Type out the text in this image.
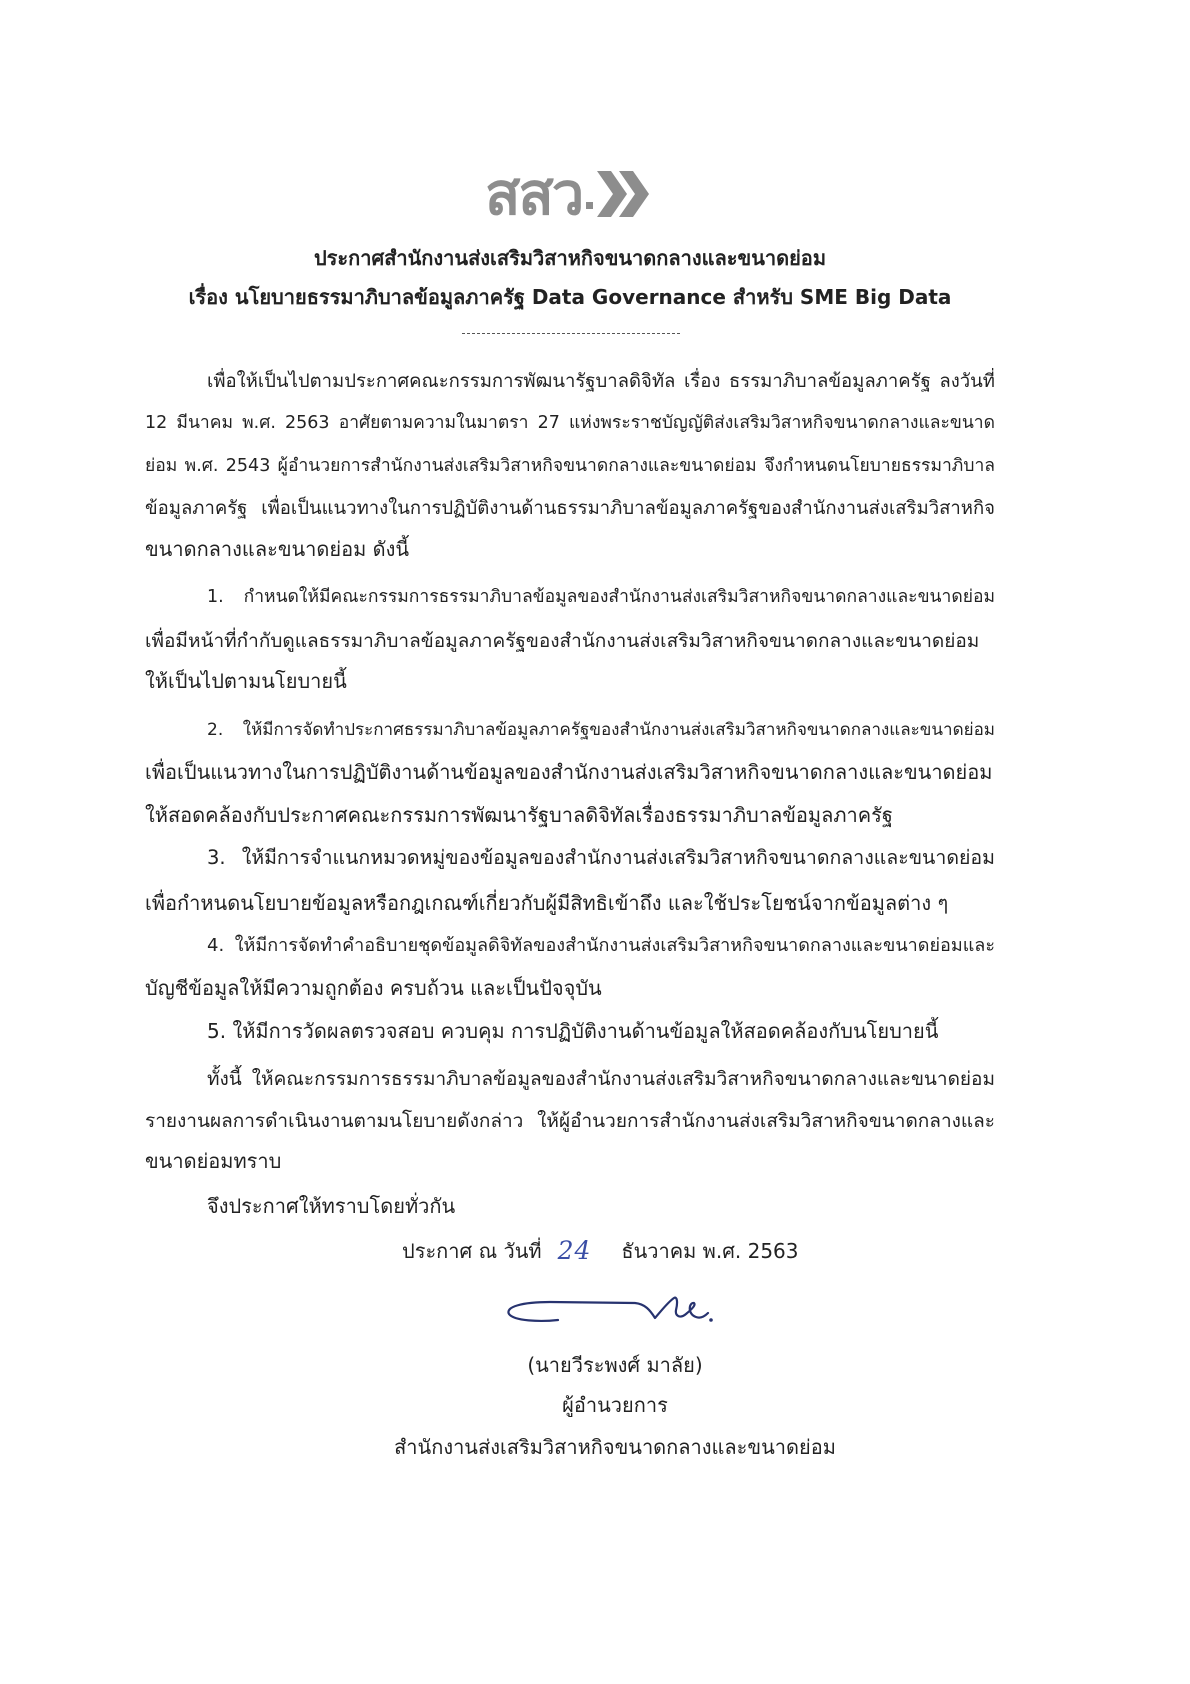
สสว
ประกาศสำนักงานส่งเสริมวิสาหกิจขนาดกลางและขนาดย่อม
เรื่อง นโยบายธรรมาภิบาลข้อมูลภาครัฐ Data Governance สำหรับ SME Big Data
เพื่อให้เป็นไปตามประกาศคณะกรรมการพัฒนารัฐบาลดิจิทัล เรื่อง ธรรมาภิบาลข้อมูลภาครัฐ ลงวันที่
12 มีนาคม พ.ศ. 2563 อาศัยตามความในมาตรา 27 แห่งพระราชบัญญัติส่งเสริมวิสาหกิจขนาดกลางและขนาด
ย่อม พ.ศ. 2543 ผู้อำนวยการสำนักงานส่งเสริมวิสาหกิจขนาดกลางและขนาดย่อม จึงกำหนดนโยบายธรรมาภิบาล
ข้อมูลภาครัฐ เพื่อเป็นแนวทางในการปฏิบัติงานด้านธรรมาภิบาลข้อมูลภาครัฐของสำนักงานส่งเสริมวิสาหกิจ
ขนาดกลางและขนาดย่อม ดังนี้
1. กำหนดให้มีคณะกรรมการธรรมาภิบาลข้อมูลของสำนักงานส่งเสริมวิสาหกิจขนาดกลางและขนาดย่อม
เพื่อมีหน้าที่กำกับดูแลธรรมาภิบาลข้อมูลภาครัฐของสำนักงานส่งเสริมวิสาหกิจขนาดกลางและขนาดย่อม
ให้เป็นไปตามนโยบายนี้
2. ให้มีการจัดทำประกาศธรรมาภิบาลข้อมูลภาครัฐของสำนักงานส่งเสริมวิสาหกิจขนาดกลางและขนาดย่อม
เพื่อเป็นแนวทางในการปฏิบัติงานด้านข้อมูลของสำนักงานส่งเสริมวิสาหกิจขนาดกลางและขนาดย่อม
ให้สอดคล้องกับประกาศคณะกรรมการพัฒนารัฐบาลดิจิทัลเรื่องธรรมาภิบาลข้อมูลภาครัฐ
3. ให้มีการจำแนกหมวดหมู่ของข้อมูลของสำนักงานส่งเสริมวิสาหกิจขนาดกลางและขนาดย่อม
เพื่อกำหนดนโยบายข้อมูลหรือกฎเกณฑ์เกี่ยวกับผู้มีสิทธิเข้าถึง และใช้ประโยชน์จากข้อมูลต่าง ๆ
4. ให้มีการจัดทำคำอธิบายชุดข้อมูลดิจิทัลของสำนักงานส่งเสริมวิสาหกิจขนาดกลางและขนาดย่อมและ
บัญชีข้อมูลให้มีความถูกต้อง ครบถ้วน และเป็นปัจจุบัน
5. ให้มีการวัดผลตรวจสอบ ควบคุม การปฏิบัติงานด้านข้อมูลให้สอดคล้องกับนโยบายนี้
ทั้งนี้ ให้คณะกรรมการธรรมาภิบาลข้อมูลของสำนักงานส่งเสริมวิสาหกิจขนาดกลางและขนาดย่อม
รายงานผลการดำเนินงานตามนโยบายดังกล่าว ให้ผู้อำนวยการสำนักงานส่งเสริมวิสาหกิจขนาดกลางและ
ขนาดย่อมทราบ
จึงประกาศให้ทราบโดยทั่วกัน
ประกาศ ณ วันที่ 24 ธันวาคม พ.ศ. 2563
(นายวีระพงศ์ มาลัย)
ผู้อำนวยการ
สำนักงานส่งเสริมวิสาหกิจขนาดกลางและขนาดย่อม
